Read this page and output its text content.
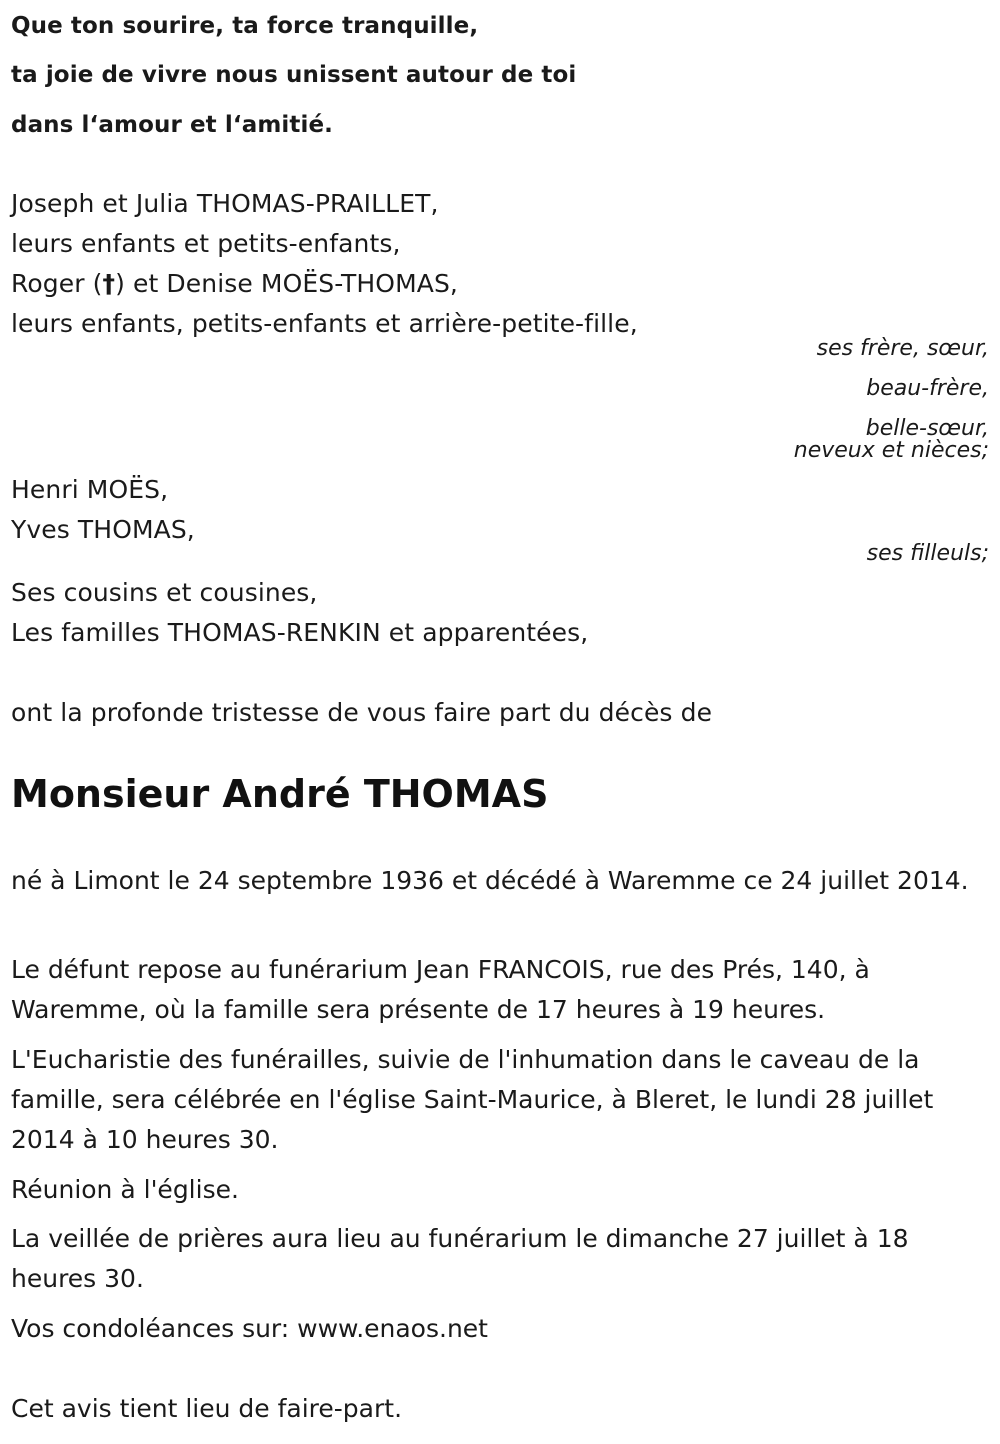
Que ton sourire, ta force tranquille,
ta joie de vivre nous unissent autour de toi
dans l‘amour et l‘amitié.
Joseph et Julia THOMAS-PRAILLET,
leurs enfants et petits-enfants,
Roger (†) et Denise MOËS-THOMAS,
leurs enfants, petits-enfants et arrière-petite-fille,
ses frère, sœur,
beau-frère,
belle-sœur,
neveux et nièces;
Henri MOËS,
Yves THOMAS,
ses filleuls;
Ses cousins et cousines,
Les familles THOMAS-RENKIN et apparentées,
ont la profonde tristesse de vous faire part du décès de
Monsieur André THOMAS
né à Limont le 24 septembre 1936 et décédé à Waremme ce 24 juillet 2014.
Le défunt repose au funérarium Jean FRANCOIS, rue des Prés, 140, à Waremme, où la famille sera présente de 17 heures à 19 heures.
L'Eucharistie des funérailles, suivie de l'inhumation dans le caveau de la famille, sera célébrée en l'église Saint-Maurice, à Bleret, le lundi 28 juillet 2014 à 10 heures 30.
Réunion à l'église.
La veillée de prières aura lieu au funérarium le dimanche 27 juillet à 18 heures 30.
Vos condoléances sur: www.enaos.net
Cet avis tient lieu de faire-part.
